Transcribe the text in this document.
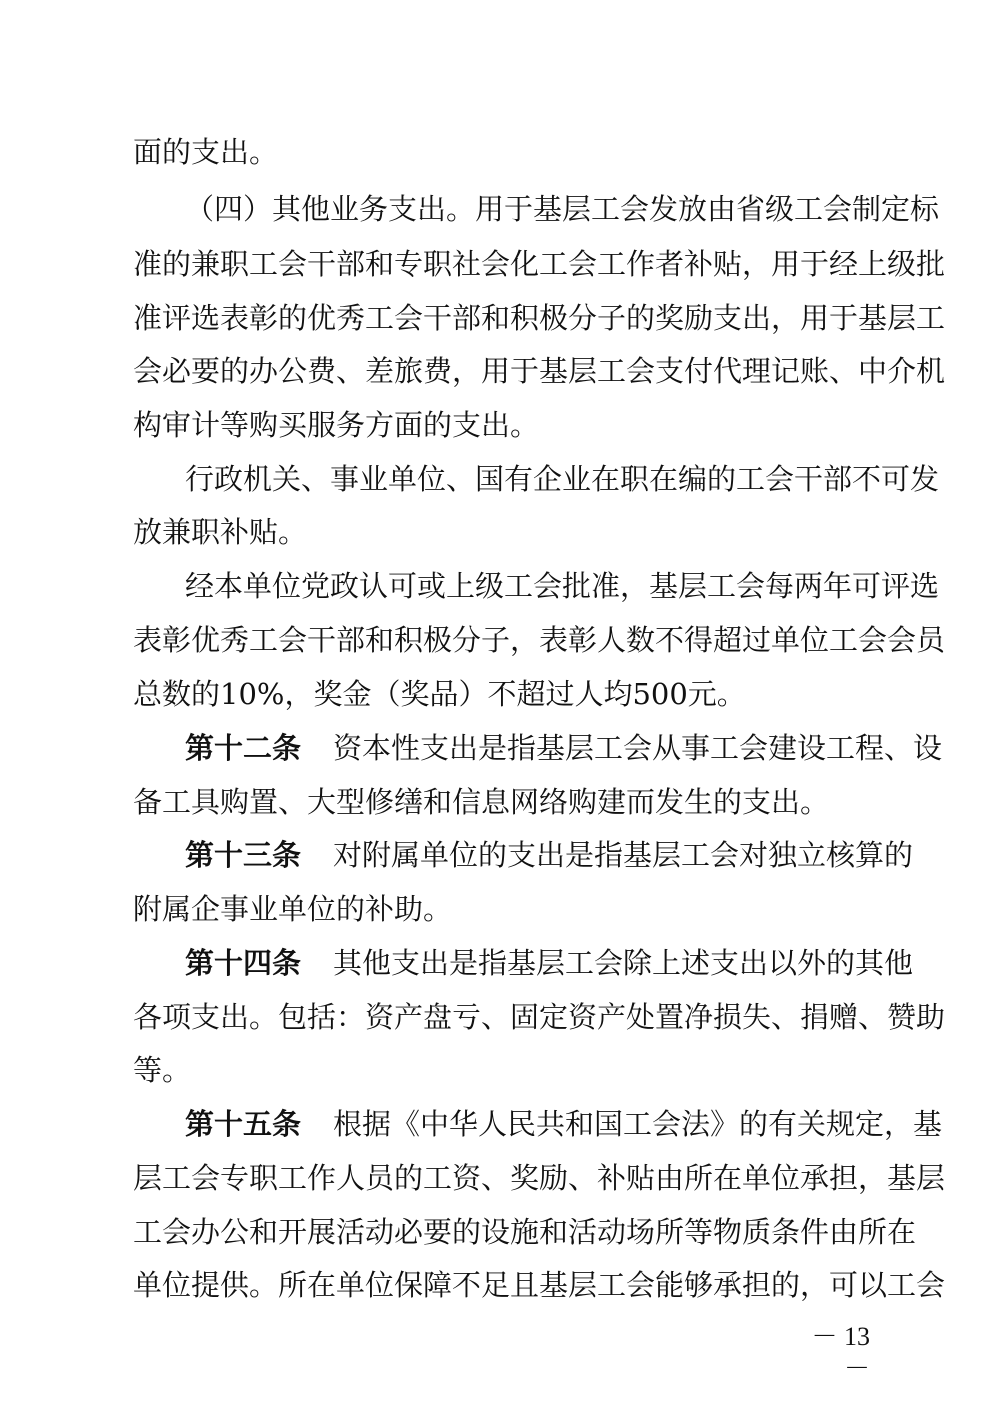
面的支出。
（四）其他业务支出。用于基层工会发放由省级工会制定标
准的兼职工会干部和专职社会化工会工作者补贴，用于经上级批
准评选表彰的优秀工会干部和积极分子的奖励支出，用于基层工
会必要的办公费、差旅费，用于基层工会支付代理记账、中介机
构审计等购买服务方面的支出。
行政机关、事业单位、国有企业在职在编的工会干部不可发
放兼职补贴。
经本单位党政认可或上级工会批准，基层工会每两年可评选
表彰优秀工会干部和积极分子，表彰人数不得超过单位工会会员
总数的10%，奖金（奖品）不超过人均500元。
第十二条 资本性支出是指基层工会从事工会建设工程、设
备工具购置、大型修缮和信息网络购建而发生的支出。
第十三条 对附属单位的支出是指基层工会对独立核算的
附属企事业单位的补助。
第十四条 其他支出是指基层工会除上述支出以外的其他
各项支出。包括：资产盘亏、固定资产处置净损失、捐赠、赞助
等。
第十五条 根据《中华人民共和国工会法》的有关规定，基
层工会专职工作人员的工资、奖励、补贴由所在单位承担，基层
工会办公和开展活动必要的设施和活动场所等物质条件由所在
单位提供。所在单位保障不足且基层工会能够承担的，可以工会
－ 13 －
